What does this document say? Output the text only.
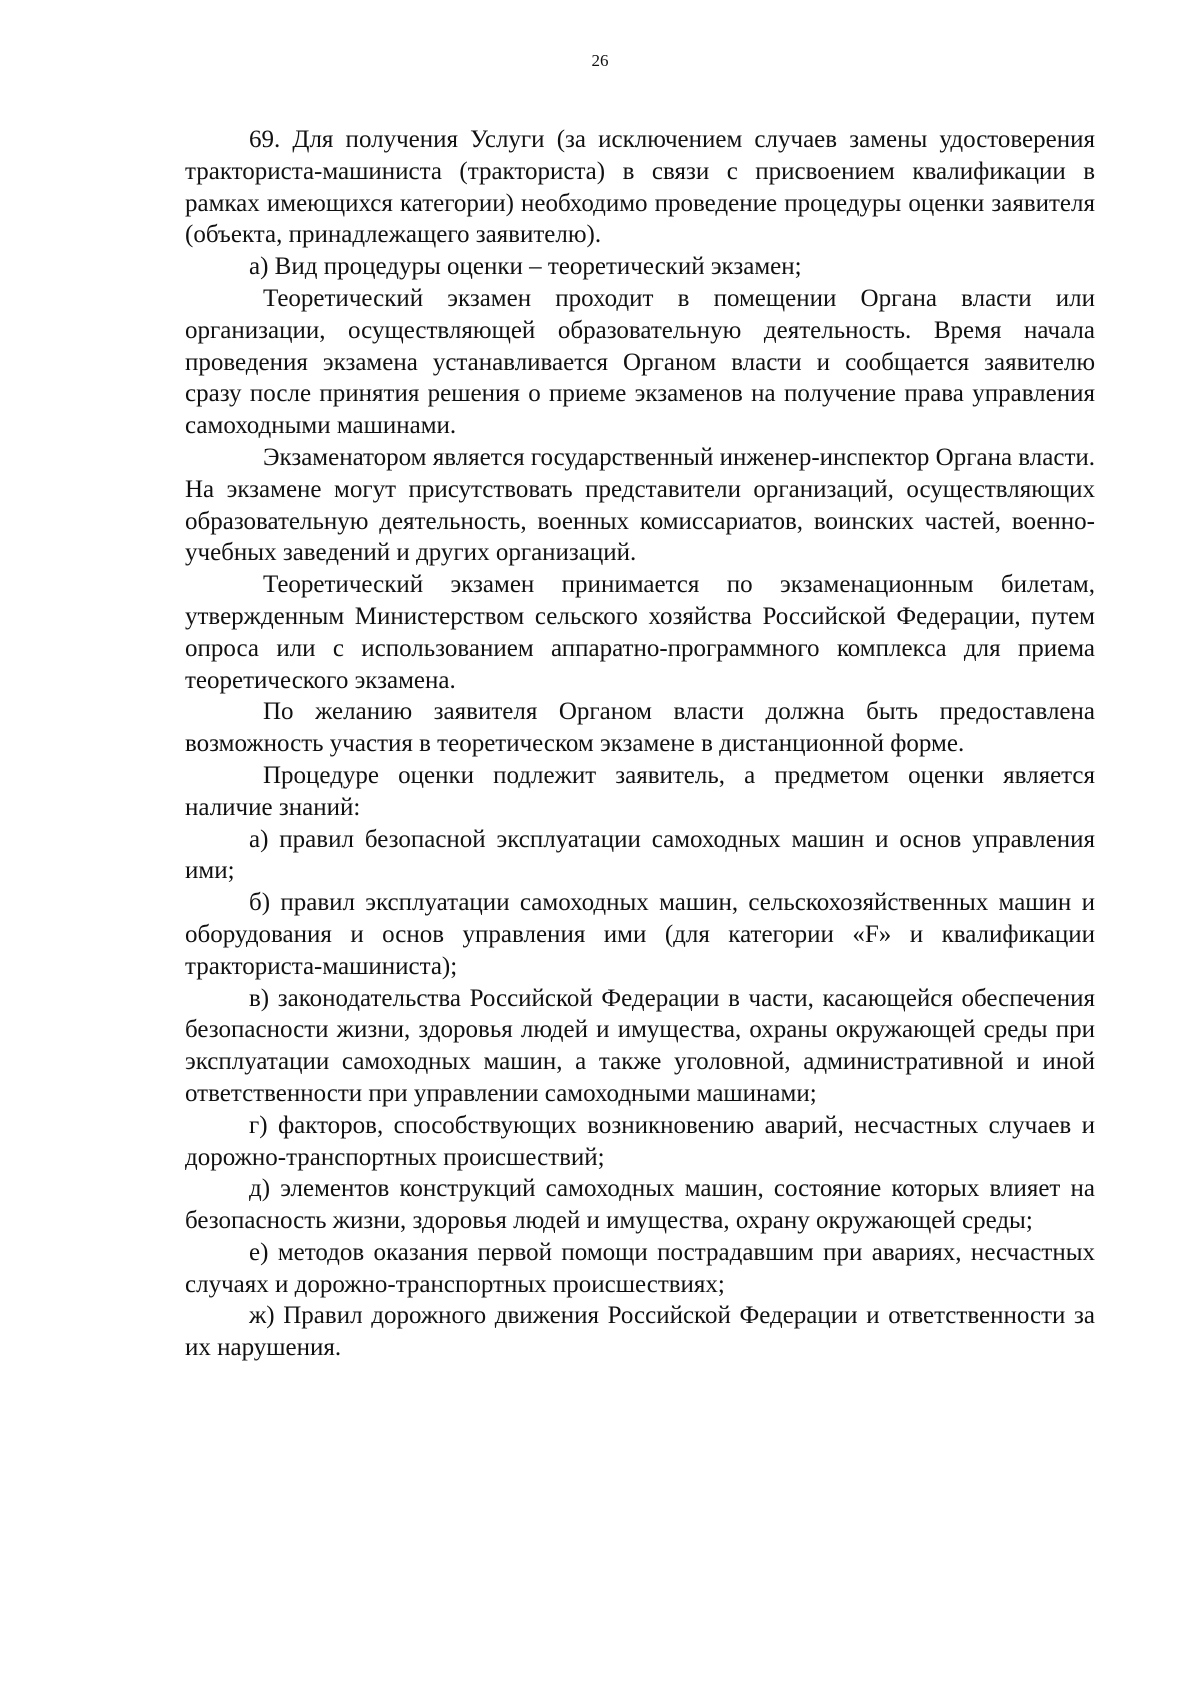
26

69. Для получения Услуги (за исключением случаев замены удостоверения тракториста-машиниста (тракториста) в связи с присвоением квалификации в рамках имеющихся категории) необходимо проведение процедуры оценки заявителя (объекта, принадлежащего заявителю).

а) Вид процедуры оценки – теоретический экзамен;

Теоретический экзамен проходит в помещении Органа власти или организации, осуществляющей образовательную деятельность. Время начала проведения экзамена устанавливается Органом власти и сообщается заявителю сразу после принятия решения о приеме экзаменов на получение права управления самоходными машинами.

Экзаменатором является государственный инженер-инспектор Органа власти. На экзамене могут присутствовать представители организаций, осуществляющих образовательную деятельность, военных комиссариатов, воинских частей, военно-учебных заведений и других организаций.

Теоретический экзамен принимается по экзаменационным билетам, утвержденным Министерством сельского хозяйства Российской Федерации, путем опроса или с использованием аппаратно-программного комплекса для приема теоретического экзамена.

По желанию заявителя Органом власти должна быть предоставлена возможность участия в теоретическом экзамене в дистанционной форме.

Процедуре оценки подлежит заявитель, а предметом оценки является наличие знаний:

а) правил безопасной эксплуатации самоходных машин и основ управления ими;

б) правил эксплуатации самоходных машин, сельскохозяйственных машин и оборудования и основ управления ими (для категории «F» и квалификации тракториста-машиниста);

в) законодательства Российской Федерации в части, касающейся обеспечения безопасности жизни, здоровья людей и имущества, охраны окружающей среды при эксплуатации самоходных машин, а также уголовной, административной и иной ответственности при управлении самоходными машинами;

г) факторов, способствующих возникновению аварий, несчастных случаев и дорожно-транспортных происшествий;

д) элементов конструкций самоходных машин, состояние которых влияет на безопасность жизни, здоровья людей и имущества, охрану окружающей среды;

е) методов оказания первой помощи пострадавшим при авариях, несчастных случаях и дорожно-транспортных происшествиях;

ж) Правил дорожного движения Российской Федерации и ответственности за их нарушения.
